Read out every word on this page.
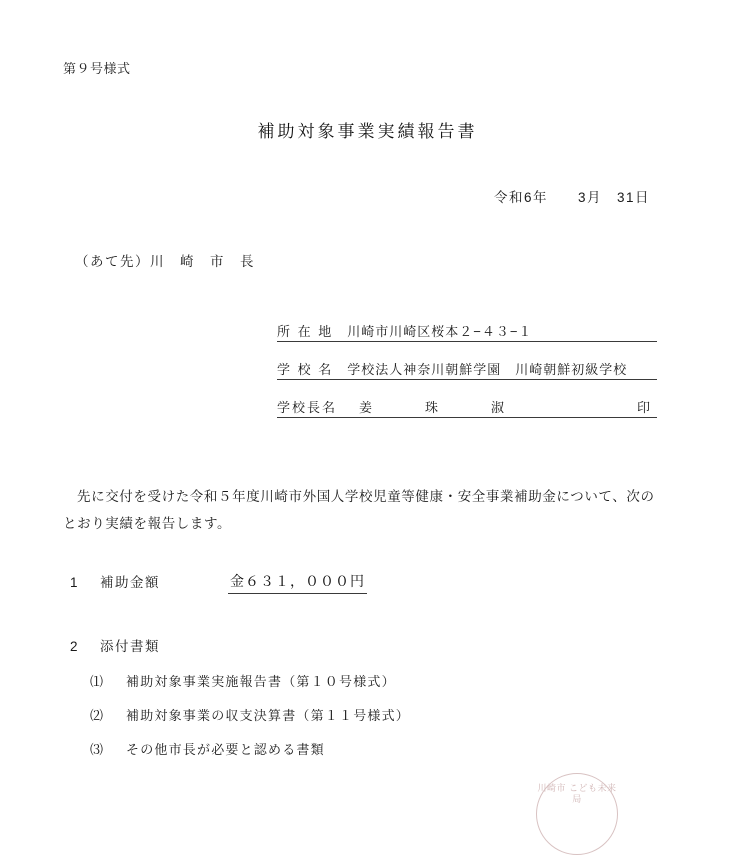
第９号様式
補助対象事業実績報告書
令和6年　　3月　31日
（あて先）川　崎　市　長
所 在 地 川崎市川崎区桜本２−４３−１
学 校 名 学校法人神奈川朝鮮学園　川崎朝鮮初級学校
学校長名 姜　　珠　　淑	印
先に交付を受けた令和５年度川崎市外国人学校児童等健康・安全事業補助金について、次の
とおり実績を報告します。
1 補助金額	金６３１，０００円
2 添付書類
⑴ 補助対象事業実施報告書（第１０号様式）
⑵ 補助対象事業の収支決算書（第１１号様式）
⑶ その他市長が必要と認める書類
川崎市 こども未来局
